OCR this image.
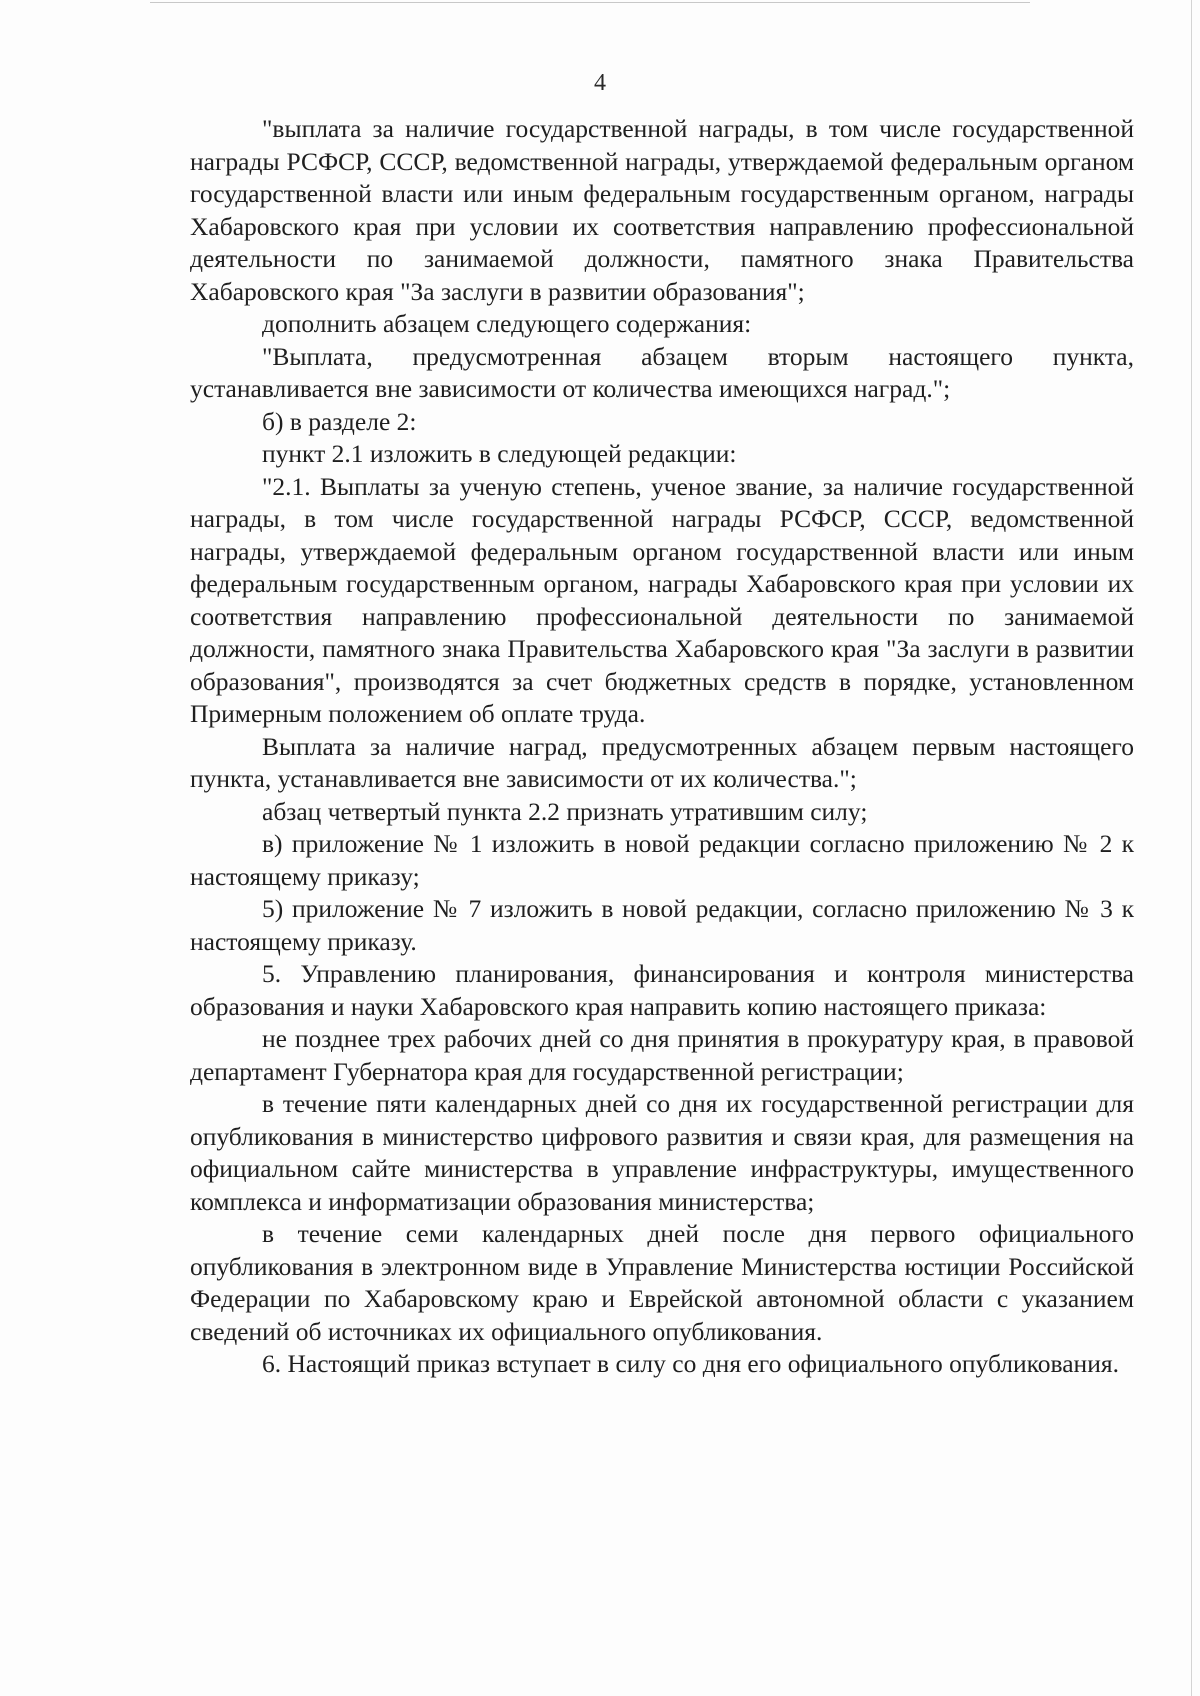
4

"выплата за наличие государственной награды, в том числе государственной награды РСФСР, СССР, ведомственной награды, утверждаемой федеральным органом государственной власти или иным федеральным государственным органом, награды Хабаровского края при условии их соответствия направлению профессиональной деятельности по занимаемой должности, памятного знака Правительства Хабаровского края "За заслуги в развитии образования";

дополнить абзацем следующего содержания:

"Выплата, предусмотренная абзацем вторым настоящего пункта, устанавливается вне зависимости от количества имеющихся наград.";

б) в разделе 2:

пункт 2.1 изложить в следующей редакции:

"2.1. Выплаты за ученую степень, ученое звание, за наличие государственной награды, в том числе государственной награды РСФСР, СССР, ведомственной награды, утверждаемой федеральным органом государственной власти или иным федеральным государственным органом, награды Хабаровского края при условии их соответствия направлению профессиональной деятельности по занимаемой должности, памятного знака Правительства Хабаровского края "За заслуги в развитии образования", производятся за счет бюджетных средств в порядке, установленном Примерным положением об оплате труда.

Выплата за наличие наград, предусмотренных абзацем первым настоящего пункта, устанавливается вне зависимости от их количества.";

абзац четвертый пункта 2.2 признать утратившим силу;

в) приложение № 1 изложить в новой редакции согласно приложению № 2 к настоящему приказу;

5) приложение № 7 изложить в новой редакции, согласно приложению № 3 к настоящему приказу.

5. Управлению планирования, финансирования и контроля министерства образования и науки Хабаровского края направить копию настоящего приказа:

не позднее трех рабочих дней со дня принятия в прокуратуру края, в правовой департамент Губернатора края для государственной регистрации;

в течение пяти календарных дней со дня их государственной регистрации для опубликования в министерство цифрового развития и связи края, для размещения на официальном сайте министерства в управление инфраструктуры, имущественного комплекса и информатизации образования министерства;

в течение семи календарных дней после дня первого официального опубликования в электронном виде в Управление Министерства юстиции Российской Федерации по Хабаровскому краю и Еврейской автономной области с указанием сведений об источниках их официального опубликования.

6. Настоящий приказ вступает в силу со дня его официального опубликования.
